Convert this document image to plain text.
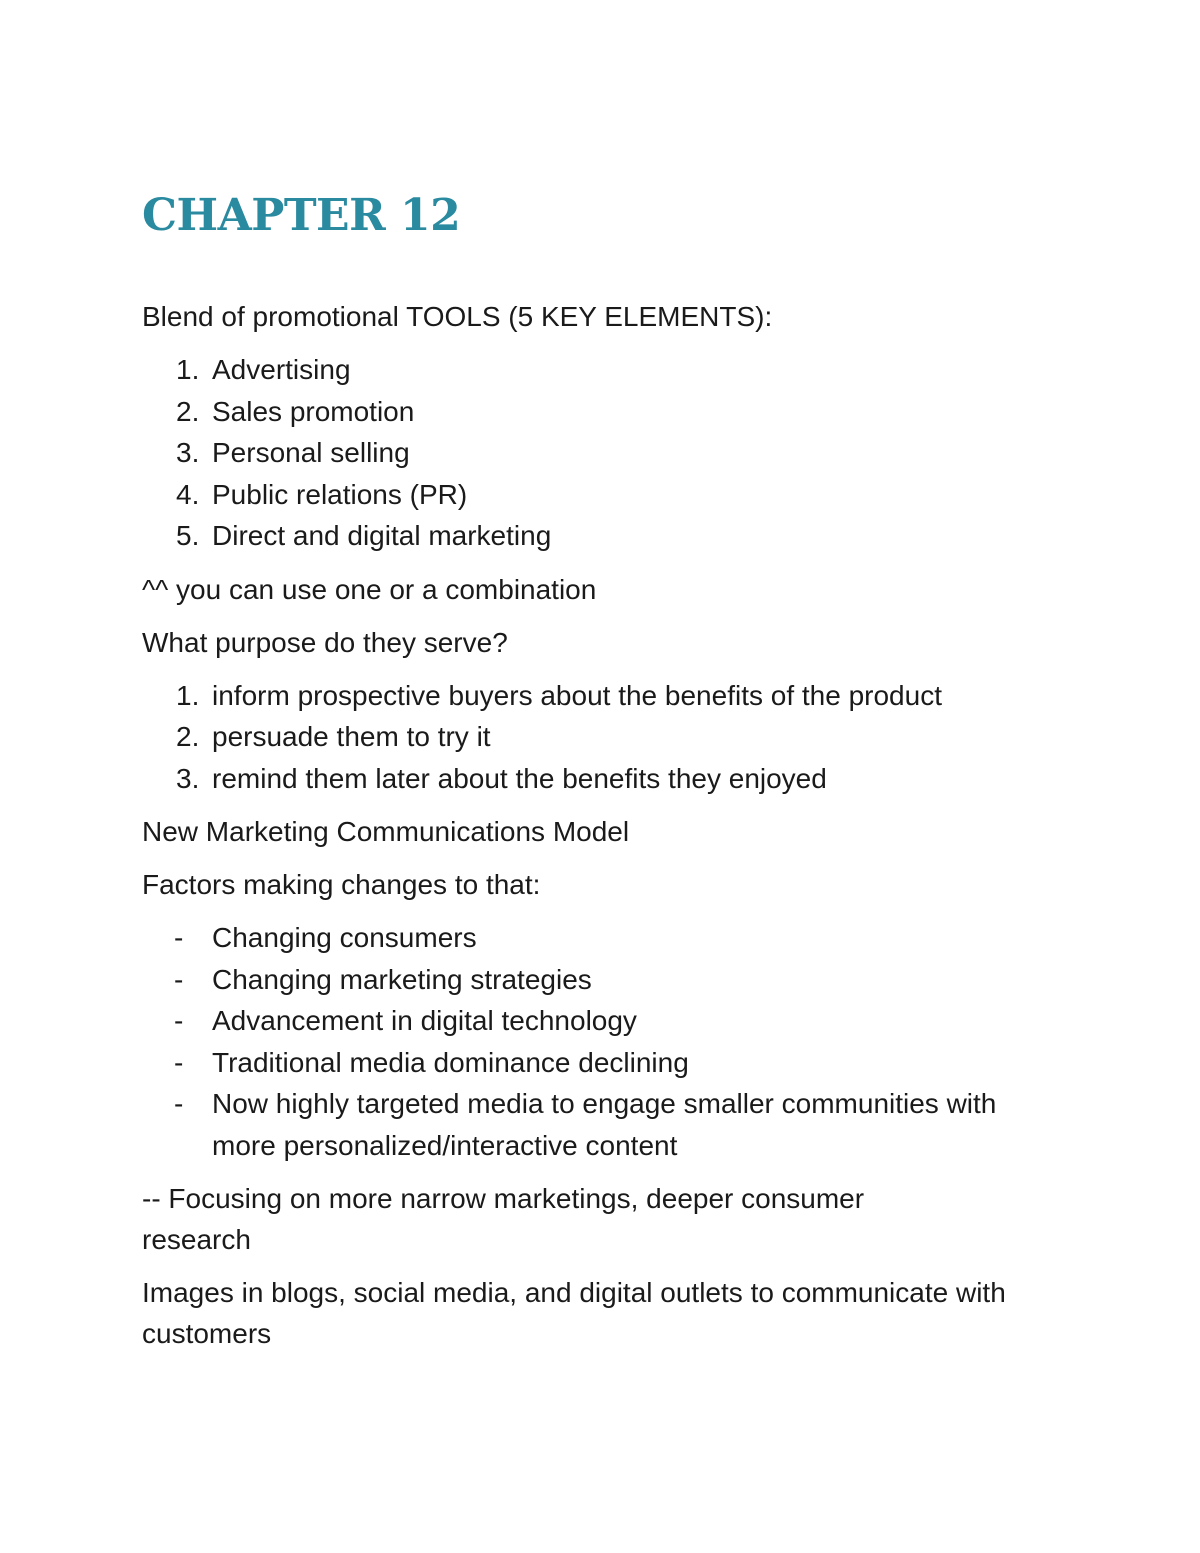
CHAPTER 12

Blend of promotional TOOLS (5 KEY ELEMENTS):

1. Advertising
2. Sales promotion
3. Personal selling
4. Public relations (PR)
5. Direct and digital marketing

^^ you can use one or a combination

What purpose do they serve?

1. inform prospective buyers about the benefits of the product
2. persuade them to try it
3. remind them later about the benefits they enjoyed

New Marketing Communications Model

Factors making changes to that:

- Changing consumers
- Changing marketing strategies
- Advancement in digital technology
- Traditional media dominance declining
- Now highly targeted media to engage smaller communities with more personalized/interactive content

-- Focusing on more narrow marketings, deeper consumer research

Images in blogs, social media, and digital outlets to communicate with customers
